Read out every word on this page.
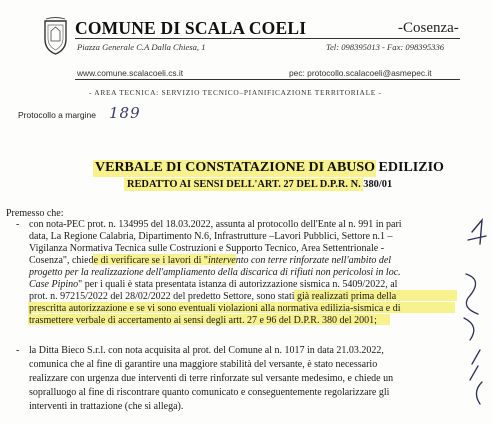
COMUNE DI SCALA COELI	-Cosenza-
Piazza Generale C.A Dalla Chiesa, 1	Tel: 098395013 - Fax: 098395336
www.comune.scalacoeli.cs.it	pec: protocollo.scalacoeli@asmepec.it
- AREA TECNICA: SERVIZIO TECNICO–PIANIFICAZIONE TERRITORIALE -
Protocollo a margine 189
VERBALE DI CONSTATAZIONE DI ABUSO EDILIZIO
REDATTO AI SENSI DELL'ART. 27 DEL D.P.R. N. 380/01
Premesso che:
- con nota-PEC prot. n. 134995 del 18.03.2022, assunta al protocollo dell'Ente al n. 991 in pari
data, La Regione Calabria, Dipartimento N.6, Infrastrutture –Lavori Pubblici, Settore n.1 –
Vigilanza Normativa Tecnica sulle Costruzioni e Supporto Tecnico, Area Settentrionale -
Cosenza", chiede di verificare se i lavori di "intervento con terre rinforzate nell'ambito del
progetto per la realizzazione dell'ampliamento della discarica di rifiuti non pericolosi in loc.
Case Pipino" per i quali è stata presentata istanza di autorizzazione sismica n. 5409/2022, al
prot. n. 97215/2022 del 28/02/2022 del predetto Settore, sono stati già realizzati prima della
prescritta autorizzazione e se vi sono eventuali violazioni alla normativa edilizia-sismica e di
trasmettere verbale di accertamento ai sensi degli artt. 27 e 96 del D.P.R. 380 del 2001;
- la Ditta Bieco S.r.l. con nota acquisita al prot. del Comune al n. 1017 in data 21.03.2022,
comunica che al fine di garantire una maggiore stabilità del versante, è stato necessario
realizzare con urgenza due interventi di terre rinforzate sul versante medesimo, e chiede un
sopralluogo al fine di riscontrare quanto comunicato e conseguentemente regolarizzare gli
interventi in trattazione (che si allega).
